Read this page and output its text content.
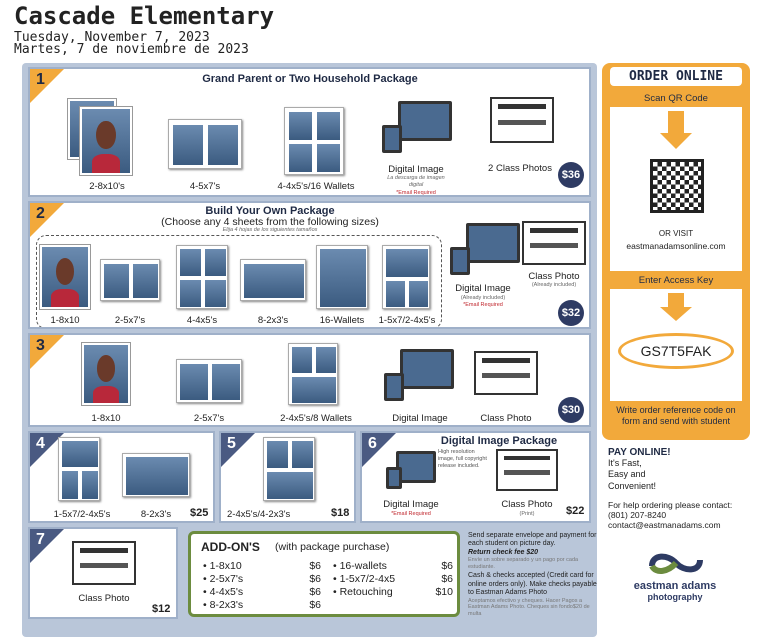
Cascade Elementary
Tuesday, November 7, 2023
Martes, 7 de noviembre de 2023
1	Grand Parent or Two Household Package
2-8x10's	4-5x7's	4-4x5's/16 Wallets
Digital Image
La descarga de imagen digital
*Email Required
2 Class Photos
$36
2	Build Your Own Package
(Choose any 4 sheets from the following sizes)
Elija 4 hojas de los siguientes tamaños
1-8x10	2-5x7's	4-4x5's	8-2x3's	16-Wallets	1-5x7/2-4x5's
Digital Image
(Already included)
*Email Required
Class Photo
(Already included)
$32
3
1-8x10	2-5x7's	2-4x5's/8 Wallets	Digital Image	Class Photo
$30
4
1-5x7/2-4x5's	8-2x3's	$25
5
2-4x5's/4-2x3's	$18
6	Digital Image Package
High resolution image, full copyright release included.
Digital Image
*Email Required
Class Photo
(Print)	$22
7
Class Photo
$12
ADD-ON'S (with package purchase)
• 1-8x10	$6
• 2-5x7's	$6
• 4-4x5's	$6
• 8-2x3's	$6
• 16-wallets	$6
• 1-5x7/2-4x5	$6
• Retouching	$10
Send separate envelope and payment for each student on picture day.
Return check fee $20
Envíe un sobre separado y un pago por cada estudiante.
Cash & checks accepted (Credit card for online orders only). Make checks payable to Eastman Adams Photo
Aceptamos efectivo y cheques. Hacer Pagos a Eastman Adams Photo. Cheques sin fondo$20 de multa
ORDER ONLINE
Scan QR Code
OR VISIT
eastmanadamsonline.com
Enter Access Key
GS7T5FAK
Write order reference code on form and send with student
PAY ONLINE!
It's Fast,
Easy and
Convenient!
For help ordering please contact:
(801) 207-8240
contact@eastmanadams.com
eastman adams
photography
